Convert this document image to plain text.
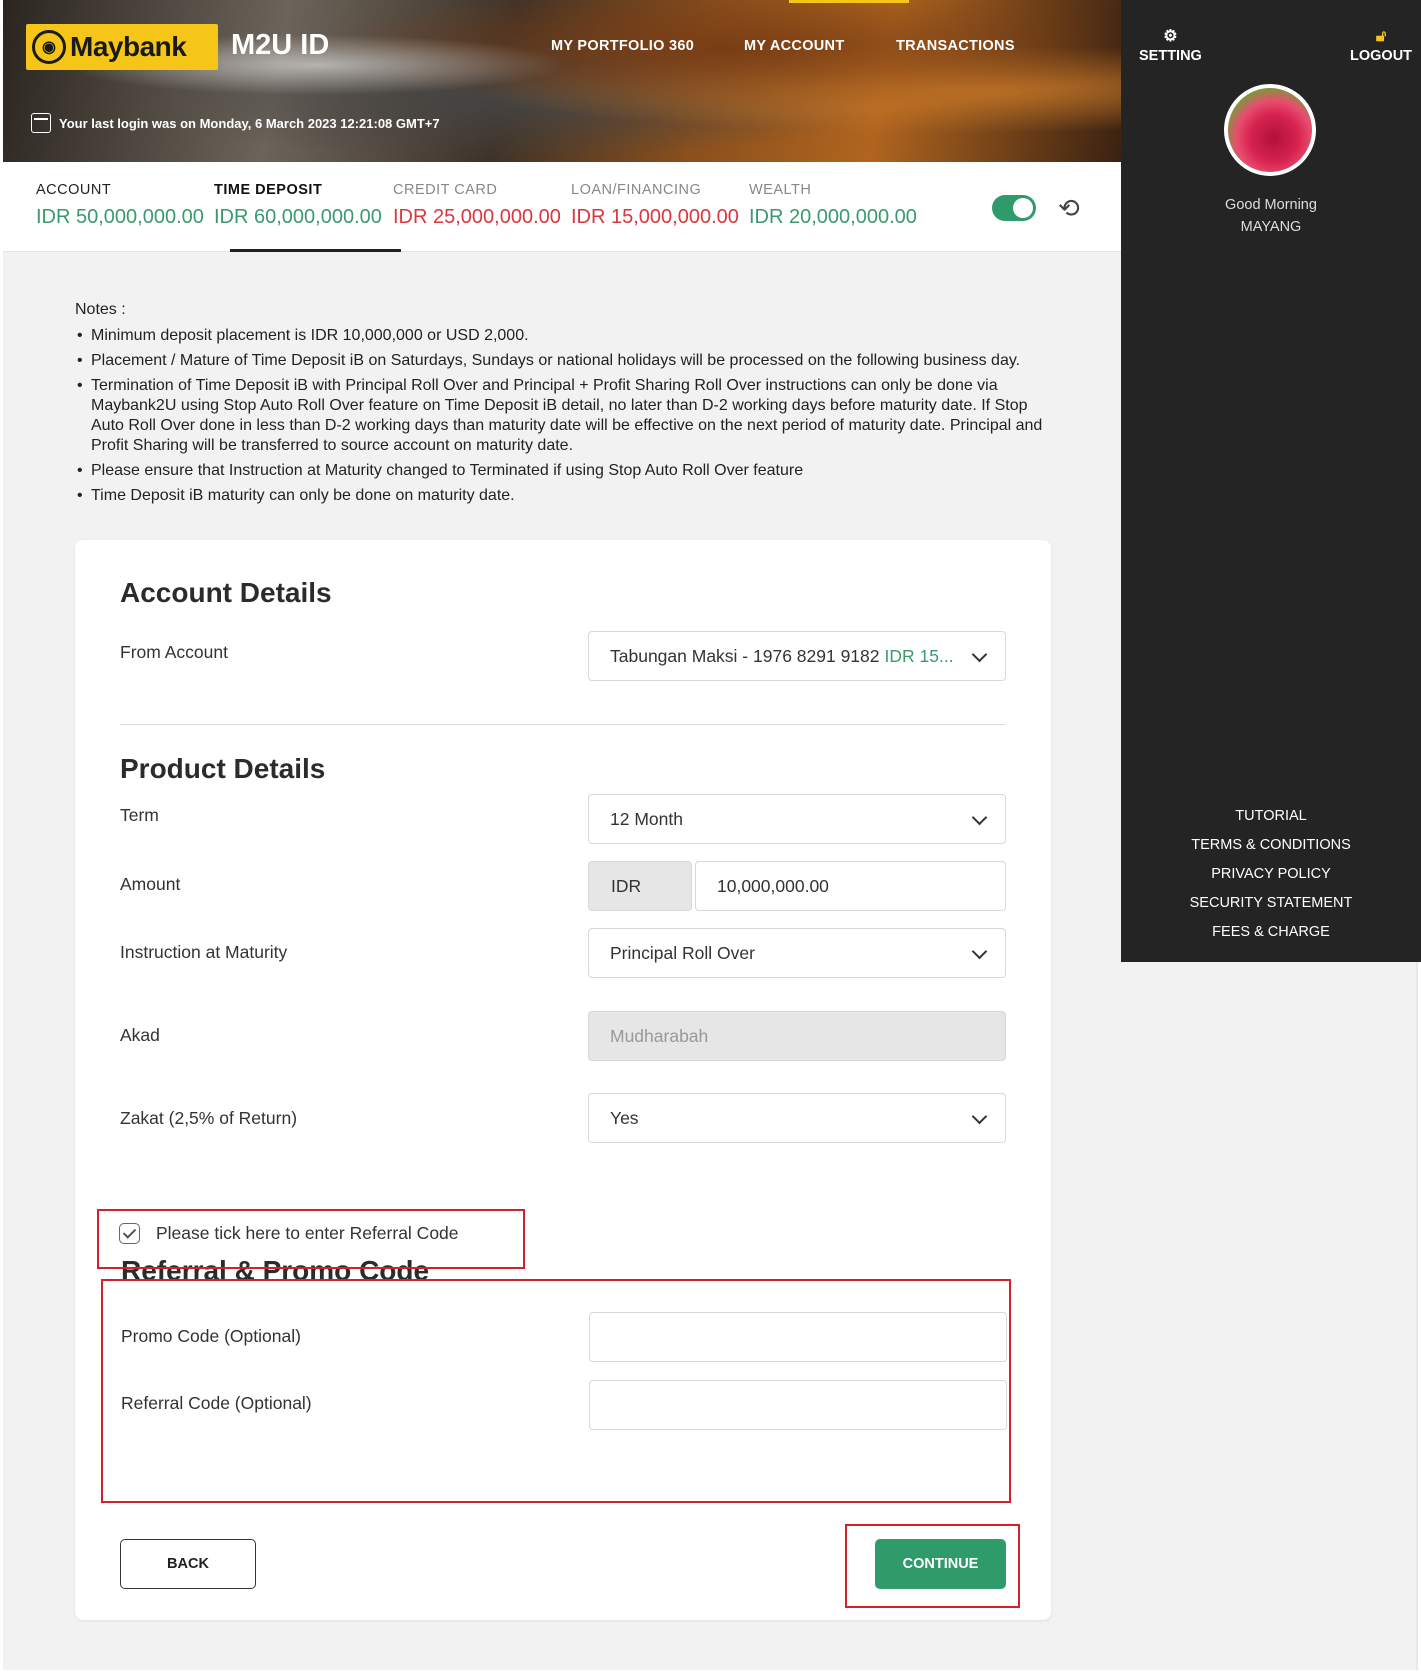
◉ Maybank M2U ID	MY PORTFOLIO 360	MY ACCOUNT	TRANSACTIONS
Your last login was on Monday, 6 March 2023 12:21:08 GMT+7
⚙
SETTING
🔓︎
LOGOUT
Good Morning
MAYANG
TUTORIAL
TERMS & CONDITIONS
PRIVACY POLICY
SECURITY STATEMENT
FEES & CHARGE
ACCOUNT
IDR 50,000,000.00
TIME DEPOSIT
IDR 60,000,000.00
CREDIT CARD
IDR 25,000,000.00
LOAN/FINANCING
IDR 15,000,000.00
WEALTH
IDR 20,000,000.00	⟲
Notes :
• Minimum deposit placement is IDR 10,000,000 or USD 2,000.
• Placement / Mature of Time Deposit iB on Saturdays, Sundays or national holidays will be processed on the following business day.
• Termination of Time Deposit iB with Principal Roll Over and Principal + Profit Sharing Roll Over instructions can only be done via Maybank2U using Stop Auto Roll Over feature on Time Deposit iB detail, no later than D-2 working days before maturity date. If Stop Auto Roll Over done in less than D-2 working days than maturity date will be effective on the next period of maturity date. Principal and Profit Sharing will be transferred to source account on maturity date.
• Please ensure that Instruction at Maturity changed to Terminated if using Stop Auto Roll Over feature
• Time Deposit iB maturity can only be done on maturity date.
Account Details
From Account	Tabungan Maksi - 1976 8291 9182 IDR 15...
Product Details
Term	12 Month
Amount	IDR	10,000,000.00
Instruction at Maturity	Principal Roll Over
Akad	Mudharabah
Zakat (2,5% of Return)	Yes
Please tick here to enter Referral Code
Referral & Promo Code
Promo Code (Optional)
Referral Code (Optional)
BACK	CONTINUE
